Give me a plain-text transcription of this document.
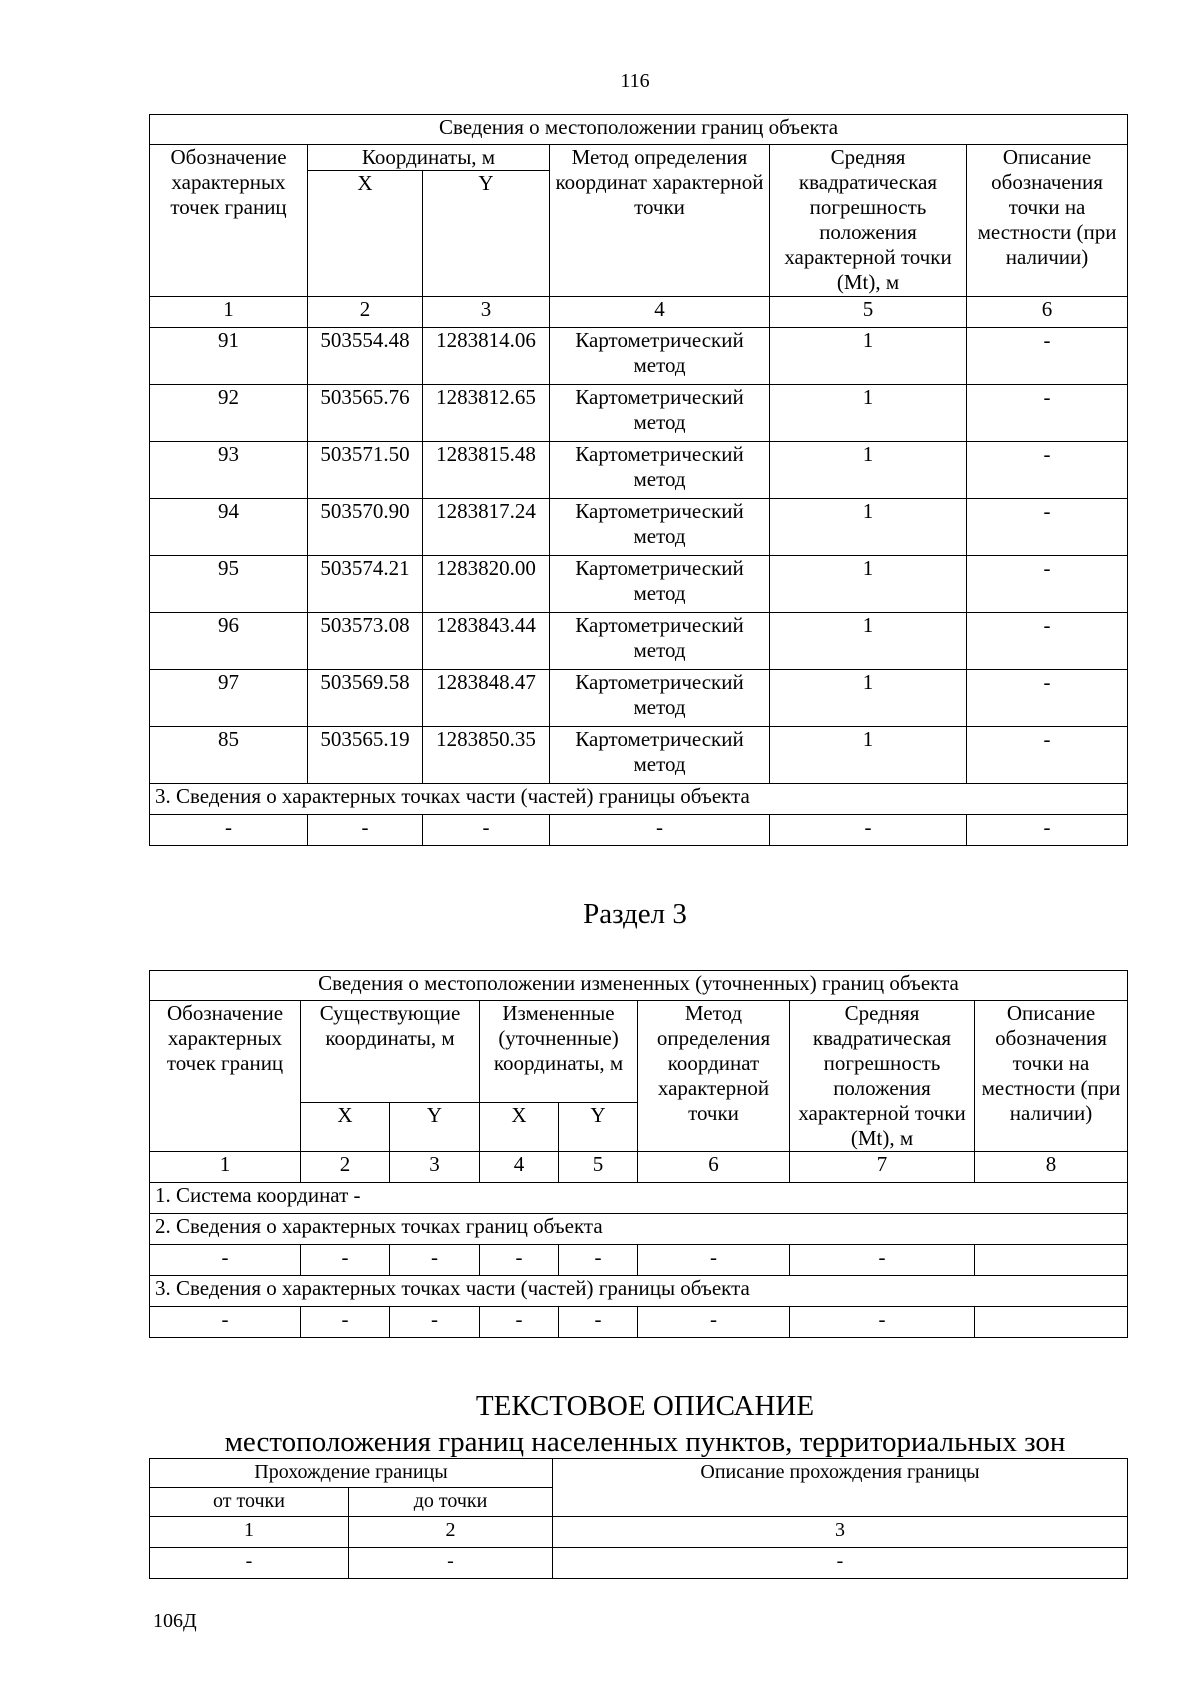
116
Сведения о местоположении границ объекта					
Обозначение характерных точек границ	Координаты, м		Метод определения координат характерной точки	Средняя квадратическая погрешность положения характерной точки (Mt), м	Описание обозначения точки на местности (при наличии)
	X	Y			
1	2	3	4	5	6
91	503554.48	1283814.06	Картометрический метод	1	-
92	503565.76	1283812.65	Картометрический метод	1	-
93	503571.50	1283815.48	Картометрический метод	1	-
94	503570.90	1283817.24	Картометрический метод	1	-
95	503574.21	1283820.00	Картометрический метод	1	-
96	503573.08	1283843.44	Картометрический метод	1	-
97	503569.58	1283848.47	Картометрический метод	1	-
85	503565.19	1283850.35	Картометрический метод	1	-
3. Сведения о характерных точках части (частей) границы объекта					
-	-	-	-	-	-
Раздел 3
Сведения о местоположении измененных (уточненных) границ объекта							
Обозначение характерных точек границ	Существующие координаты, м		Измененные (уточненные) координаты, м		Метод определения координат характерной точки	Средняя квадратическая погрешность положения характерной точки (Mt), м	Описание обозначения точки на местности (при наличии)
	X	Y	X	Y			
1	2	3	4	5	6	7	8
1. Система координат -							
2. Сведения о характерных точках границ объекта							
-	-	-	-	-	-	-	
3. Сведения о характерных точках части (частей) границы объекта							
-	-	-	-	-	-	-	
ТЕКСТОВОЕ ОПИСАНИЕ
местоположения границ населенных пунктов, территориальных зон
Прохождение границы		Описание прохождения границы
от точки	до точки	
1	2	3
-	-	-
106Д
